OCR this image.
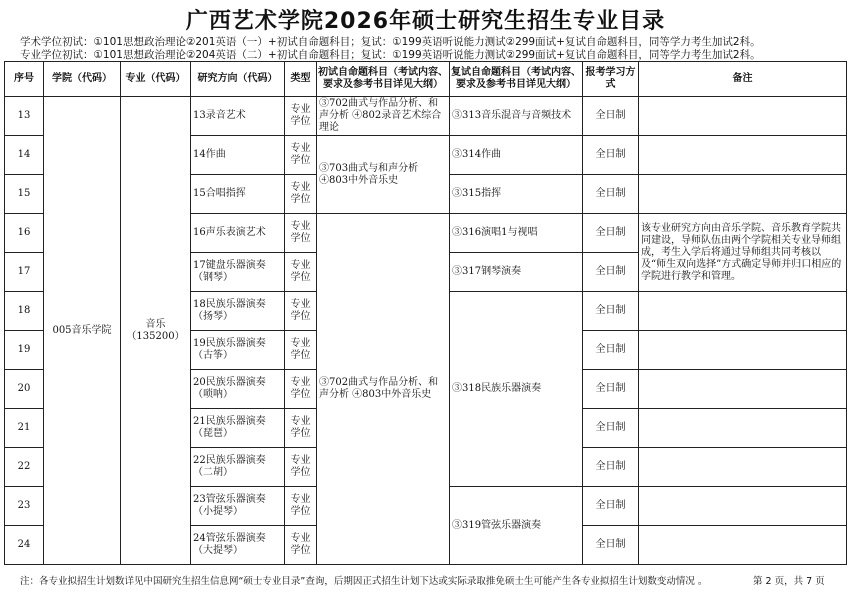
广西艺术学院2026年硕士研究生招生专业目录
学术学位初试：①101思想政治理论②201英语（一）+初试自命题科目；复试：①199英语听说能力测试②299面试+复试自命题科目，同等学力考生加试2科。
专业学位初试：①101思想政治理论②204英语（二）+初试自命题科目；复试：①199英语听说能力测试②299面试+复试自命题科目，同等学力考生加试2科。
序号	学院（代码）	专业（代码）	研究方向（代码）	类型	初试自命题科目（考试内容、要求及参考书目详见大纲）	复试自命题科目（考试内容、要求及参考书目详见大纲）	报考学习方式	备注
13	005音乐学院	音乐（135200）	13录音艺术	专业学位	③702曲式与作品分析、和声分析 ④802录音艺术综合理论	③313音乐混音与音频技术	全日制	
14			14作曲	专业学位	③703曲式与和声分析 ④803中外音乐史	③314作曲	全日制	
15			15合唱指挥	专业学位		③315指挥	全日制	
16			16声乐表演艺术	专业学位	③702曲式与作品分析、和声分析 ④803中外音乐史	③316演唱1与视唱	全日制	该专业研究方向由音乐学院、音乐教育学院共同建设，导师队伍由两个学院相关专业导师组成，考生入学后将通过导师组共同考核以及“师生双向选择”方式确定导师并归口相应的学院进行教学和管理。
17			17键盘乐器演奏（钢琴）	专业学位		③317钢琴演奏	全日制	
18			18民族乐器演奏（扬琴）	专业学位		③318民族乐器演奏	全日制	
19			19民族乐器演奏（古筝）	专业学位			全日制	
20			20民族乐器演奏（唢呐）	专业学位			全日制	
21			21民族乐器演奏（琵琶）	专业学位			全日制	
22			22民族乐器演奏（二胡）	专业学位			全日制	
23			23管弦乐器演奏（小提琴）	专业学位		③319管弦乐器演奏	全日制	
24			24管弦乐器演奏（大提琴）	专业学位			全日制	
注：各专业拟招生计划数详见中国研究生招生信息网“硕士专业目录”查询，后期因正式招生计划下达或实际录取推免硕士生可能产生各专业拟招生计划数变动情况 。	第 2 页，共 7 页
